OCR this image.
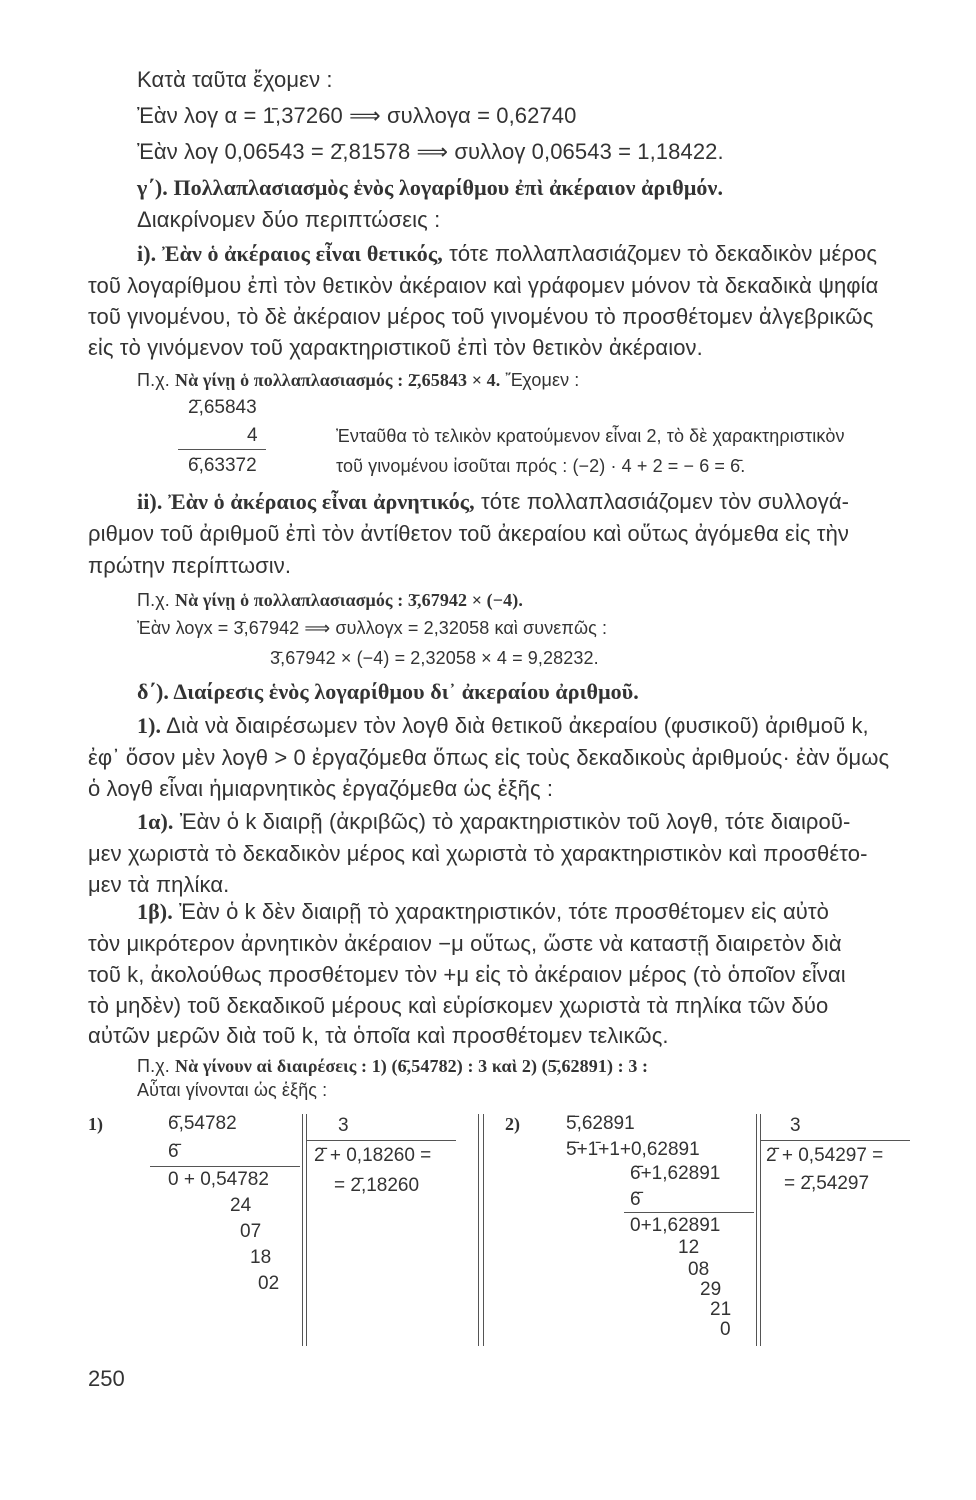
Κατὰ ταῦτα ἔχομεν :
Ἐὰν λογ α = 1̄,37260 ⟹ συλλογα = 0,62740
Ἐὰν λογ 0,06543 = 2̄,81578 ⟹ συλλογ 0,06543 = 1,18422.
γ΄). Πολλαπλασιασμὸς ἑνὸς λογαρίθμου ἐπὶ ἀκέραιον ἀριθμόν.
Διακρίνομεν δύο περιπτώσεις :
i). Ἐὰν ὁ ἀκέραιος εἶναι θετικός, τότε πολλαπλασιάζομεν τὸ δεκαδικὸν μέρος
τοῦ λογαρίθμου ἐπὶ τὸν θετικὸν ἀκέραιον καὶ γράφομεν μόνον τὰ δεκαδικὰ ψηφία
τοῦ γινομένου, τὸ δὲ ἀκέραιον μέρος τοῦ γινομένου τὸ προσθέτομεν ἀλγεβρικῶς
εἰς τὸ γινόμενον τοῦ χαρακτηριστικοῦ ἐπὶ τὸν θετικὸν ἀκέραιον.
Π.χ. Νὰ γίνῃ ὁ πολλαπλασιασμός : 2̄,65843 × 4. Ἔχομεν :
2̄,65843
4
6̄,63372
Ἐνταῦθα τὸ τελικὸν κρατούμενον εἶναι 2, τὸ δὲ χαρακτηριστικὸν
τοῦ γινομένου ἰσοῦται πρός : (−2) · 4 + 2 = − 6 = 6̄.
ii). Ἐὰν ὁ ἀκέραιος εἶναι ἀρνητικός, τότε πολλαπλασιάζομεν τὸν συλλογά-
ριθμον τοῦ ἀριθμοῦ ἐπὶ τὸν ἀντίθετον τοῦ ἀκεραίου καὶ οὕτως ἀγόμεθα εἰς τὴν
πρώτην περίπτωσιν.
Π.χ. Νὰ γίνῃ ὁ πολλαπλασιασμός : 3̄,67942 × (−4).
Ἐὰν λογx = 3̄,67942 ⟹ συλλογx = 2,32058 καὶ συνεπῶς :
3̄,67942 × (−4) = 2,32058 × 4 = 9,28232.
δ΄). Διαίρεσις ἑνὸς λογαρίθμου δι᾿ ἀκεραίου ἀριθμοῦ.
1). Διὰ νὰ διαιρέσωμεν τὸν λογθ διὰ θετικοῦ ἀκεραίου (φυσικοῦ) ἀριθμοῦ k,
ἐφ᾿ ὅσον μὲν λογθ > 0 ἐργαζόμεθα ὅπως εἰς τοὺς δεκαδικοὺς ἀριθμούς· ἐὰν ὅμως
ὁ λογθ εἶναι ἡμιαρνητικὸς ἐργαζόμεθα ὡς ἑξῆς :
1α). Ἐὰν ὁ k διαιρῇ (ἀκριβῶς) τὸ χαρακτηριστικὸν τοῦ λογθ, τότε διαιροῦ-
μεν χωριστὰ τὸ δεκαδικὸν μέρος καὶ χωριστὰ τὸ χαρακτηριστικὸν καὶ προσθέτο-
μεν τὰ πηλίκα.
1β). Ἐὰν ὁ k δὲν διαιρῇ τὸ χαρακτηριστικόν, τότε προσθέτομεν εἰς αὐτὸ
τὸν μικρότερον ἀρνητικὸν ἀκέραιον −μ οὕτως, ὥστε νὰ καταστῇ διαιρετὸν διὰ
τοῦ k, ἀκολούθως προσθέτομεν τὸν +μ εἰς τὸ ἀκέραιον μέρος (τὸ ὁποῖον εἶναι
τὸ μηδὲν) τοῦ δεκαδικοῦ μέρους καὶ εὑρίσκομεν χωριστὰ τὰ πηλίκα τῶν δύο
αὐτῶν μερῶν διὰ τοῦ k, τὰ ὁποῖα καὶ προσθέτομεν τελικῶς.
Π.χ. Νὰ γίνουν αἱ διαιρέσεις : 1) (6̄,54782) : 3 καὶ 2) (5̄,62891) : 3 :
Αὗται γίνονται ὡς ἑξῆς :
1)	6̄,54782
6̄
0 + 0,54782
24
07
18
02
3
2̄ + 0,18260 =
= 2̄,18260
2) 5̄,62891
5̄+1̄+1+0,62891
6̄+1,62891
6̄
0+1,62891
12
08
29
21
0
3
2̄ + 0,54297 =
= 2̄,54297
250
